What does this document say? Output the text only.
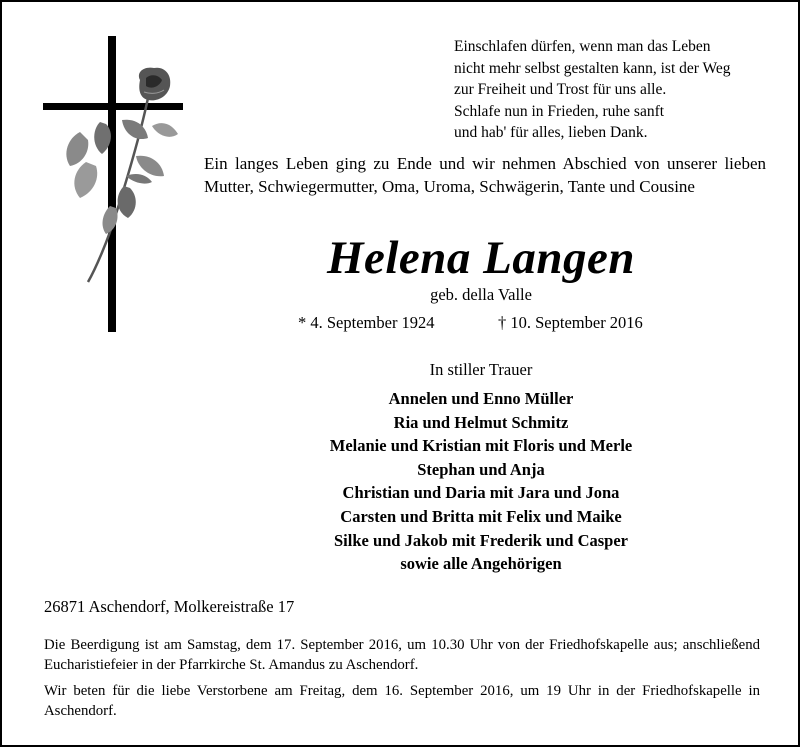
Einschlafen dürfen, wenn man das Leben
nicht mehr selbst gestalten kann, ist der Weg
zur Freiheit und Trost für uns alle.
Schlafe nun in Frieden, ruhe sanft
und hab' für alles, lieben Dank.
Ein langes Leben ging zu Ende und wir nehmen Abschied von unserer lieben Mutter, Schwiegermutter, Oma, Uroma, Schwägerin, Tante und Cousine
Helena Langen
geb. della Valle
* 4. September 1924	† 10. September 2016
In stiller Trauer
Annelen und Enno Müller
Ria und Helmut Schmitz
Melanie und Kristian mit Floris und Merle
Stephan und Anja
Christian und Daria mit Jara und Jona
Carsten und Britta mit Felix und Maike
Silke und Jakob mit Frederik und Casper
sowie alle Angehörigen
26871 Aschendorf, Molkereistraße 17
Die Beerdigung ist am Samstag, dem 17. September 2016, um 10.30 Uhr von der Friedhofskapelle aus; anschließend Eucharistiefeier in der Pfarrkirche St. Amandus zu Aschendorf.
Wir beten für die liebe Verstorbene am Freitag, dem 16. September 2016, um 19 Uhr in der Friedhofskapelle in Aschendorf.
